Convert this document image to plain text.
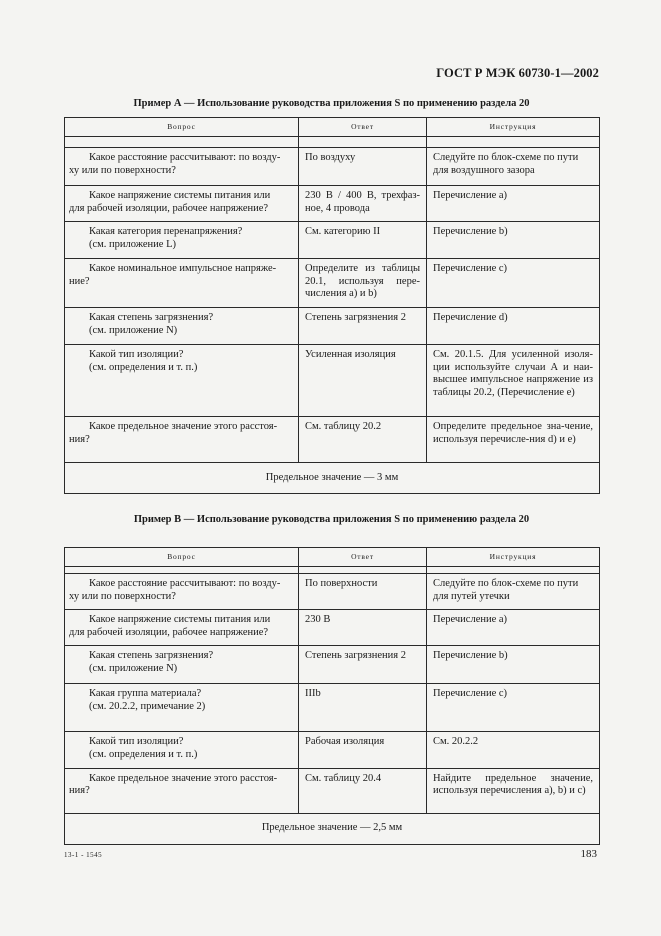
ГОСТ Р МЭК 60730-1—2002
Пример А — Использование руководства приложения S по применению раздела 20
Вопрос	Ответ	Инструкция

Какое расстояние рассчитывают: по возду-
ху или по поверхности?	По воздуху	Следуйте по блок-схеме по пути для воздушного зазора

Какое напряжение системы питания или
для рабочей изоляции, рабочее напряжение?	230 В / 400 В, трехфаз-ное, 4 провода	Перечисление а)

Какая категория перенапряжения?
(см. приложение L)	См. категорию II	Перечисление b)

Какое номинальное импульсное напряже-
ние?	Определите из таблицы 20.1, используя пере-числения а) и b)	Перечисление с)

Какая степень загрязнения?
(см. приложение N)	Степень загрязнения 2	Перечисление d)

Какой тип изоляции?
(см. определения и т. п.)	Усиленная изоляция	См. 20.1.5. Для усиленной изоля-ции используйте случаи А и наи-высшее импульсное напряжение из таблицы 20.2, (Перечисление е)

Какое предельное значение этого расстоя-
ния?	См. таблицу 20.2	Определите предельное зна-чение, используя перечисле-ния d) и е)
Предельное значение — 3 мм		
Пример В — Использование руководства приложения S по применению раздела 20
Вопрос	Ответ	Инструкция

Какое расстояние рассчитывают: по возду-
ху или по поверхности?	По поверхности	Следуйте по блок-схеме по пути для путей утечки

Какое напряжение системы питания или
для рабочей изоляции, рабочее напряжение?	230 В	Перечисление а)

Какая степень загрязнения?
(см. приложение N)	Степень загрязнения 2	Перечисление b)

Какая группа материала?
(см. 20.2.2, примечание 2)	IIIb	Перечисление с)

Какой тип изоляции?
(см. определения и т. п.)	Рабочая изоляция	См. 20.2.2

Какое предельное значение этого расстоя-
ния?	См. таблицу 20.4	Найдите предельное значение, используя перечисления а), b) и с)
Предельное значение — 2,5 мм		
13-1 - 1545	183
